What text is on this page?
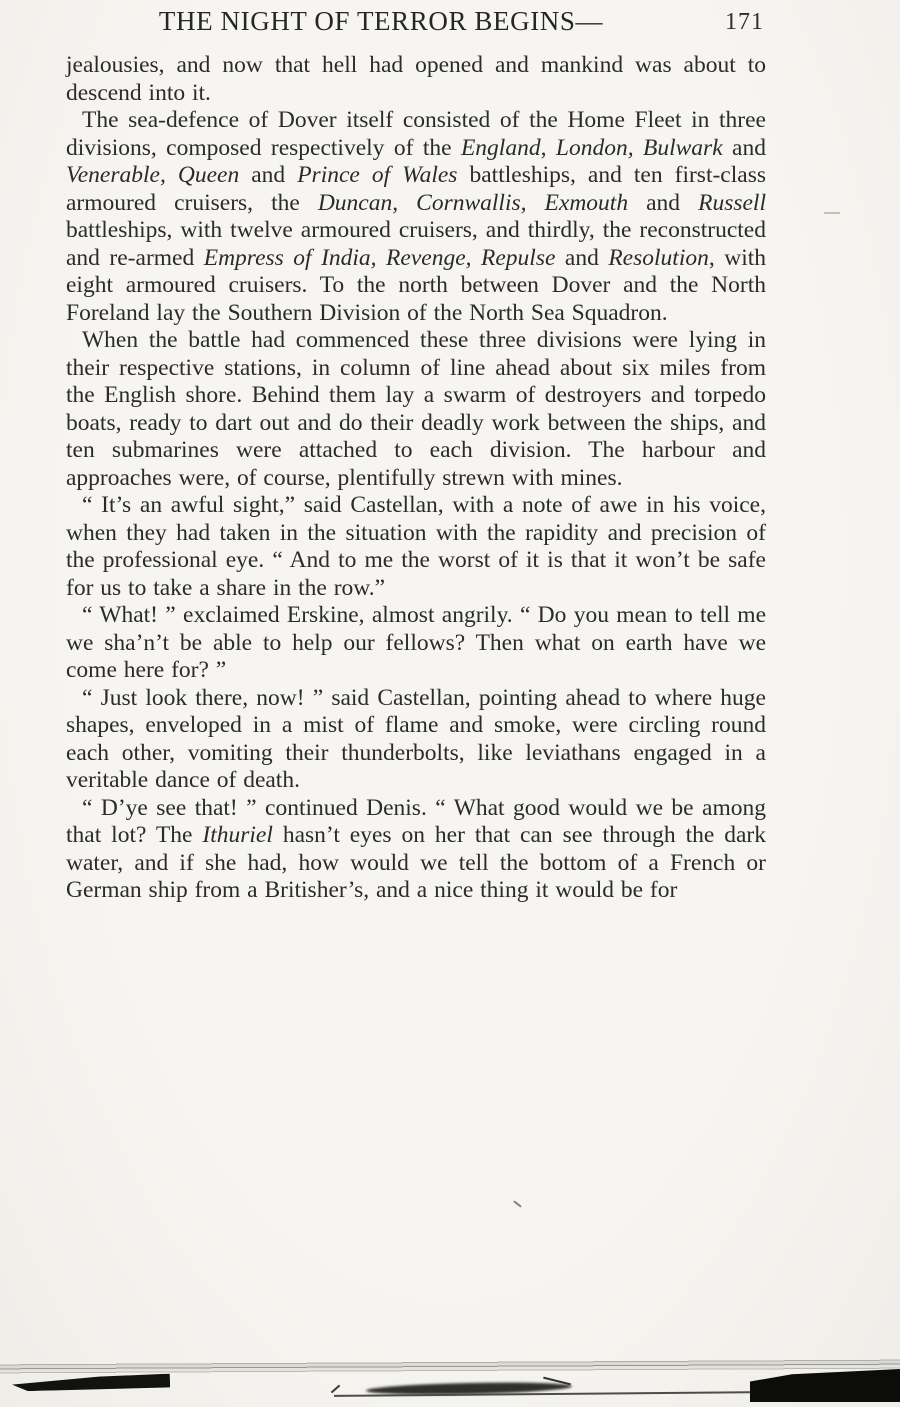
THE NIGHT OF TERROR BEGINS—	171

jealousies, and now that hell had opened and mankind was about to descend into it.

The sea-defence of Dover itself consisted of the Home Fleet in three divisions, composed respectively of the England, London, Bulwark and Venerable, Queen and Prince of Wales battleships, and ten first-class armoured cruisers, the Duncan, Cornwallis, Exmouth and Russell battleships, with twelve armoured cruisers, and thirdly, the reconstructed and re-armed Empress of India, Revenge, Repulse and Resolution, with eight armoured cruisers. To the north between Dover and the North Foreland lay the Southern Division of the North Sea Squadron.

When the battle had commenced these three divisions were lying in their respective stations, in column of line ahead about six miles from the English shore. Behind them lay a swarm of destroyers and torpedo boats, ready to dart out and do their deadly work between the ships, and ten submarines were attached to each division. The harbour and approaches were, of course, plentifully strewn with mines.

“ It’s an awful sight,” said Castellan, with a note of awe in his voice, when they had taken in the situation with the rapidity and precision of the professional eye. “ And to me the worst of it is that it won’t be safe for us to take a share in the row.”

“ What! ” exclaimed Erskine, almost angrily. “ Do you mean to tell me we sha’n’t be able to help our fellows? Then what on earth have we come here for? ”

“ Just look there, now! ” said Castellan, pointing ahead to where huge shapes, enveloped in a mist of flame and smoke, were circling round each other, vomiting their thunderbolts, like leviathans engaged in a veritable dance of death.

“ D’ye see that! ” continued Denis. “ What good would we be among that lot? The Ithuriel hasn’t eyes on her that can see through the dark water, and if she had, how would we tell the bottom of a French or German ship from a Britisher’s, and a nice thing it would be for
